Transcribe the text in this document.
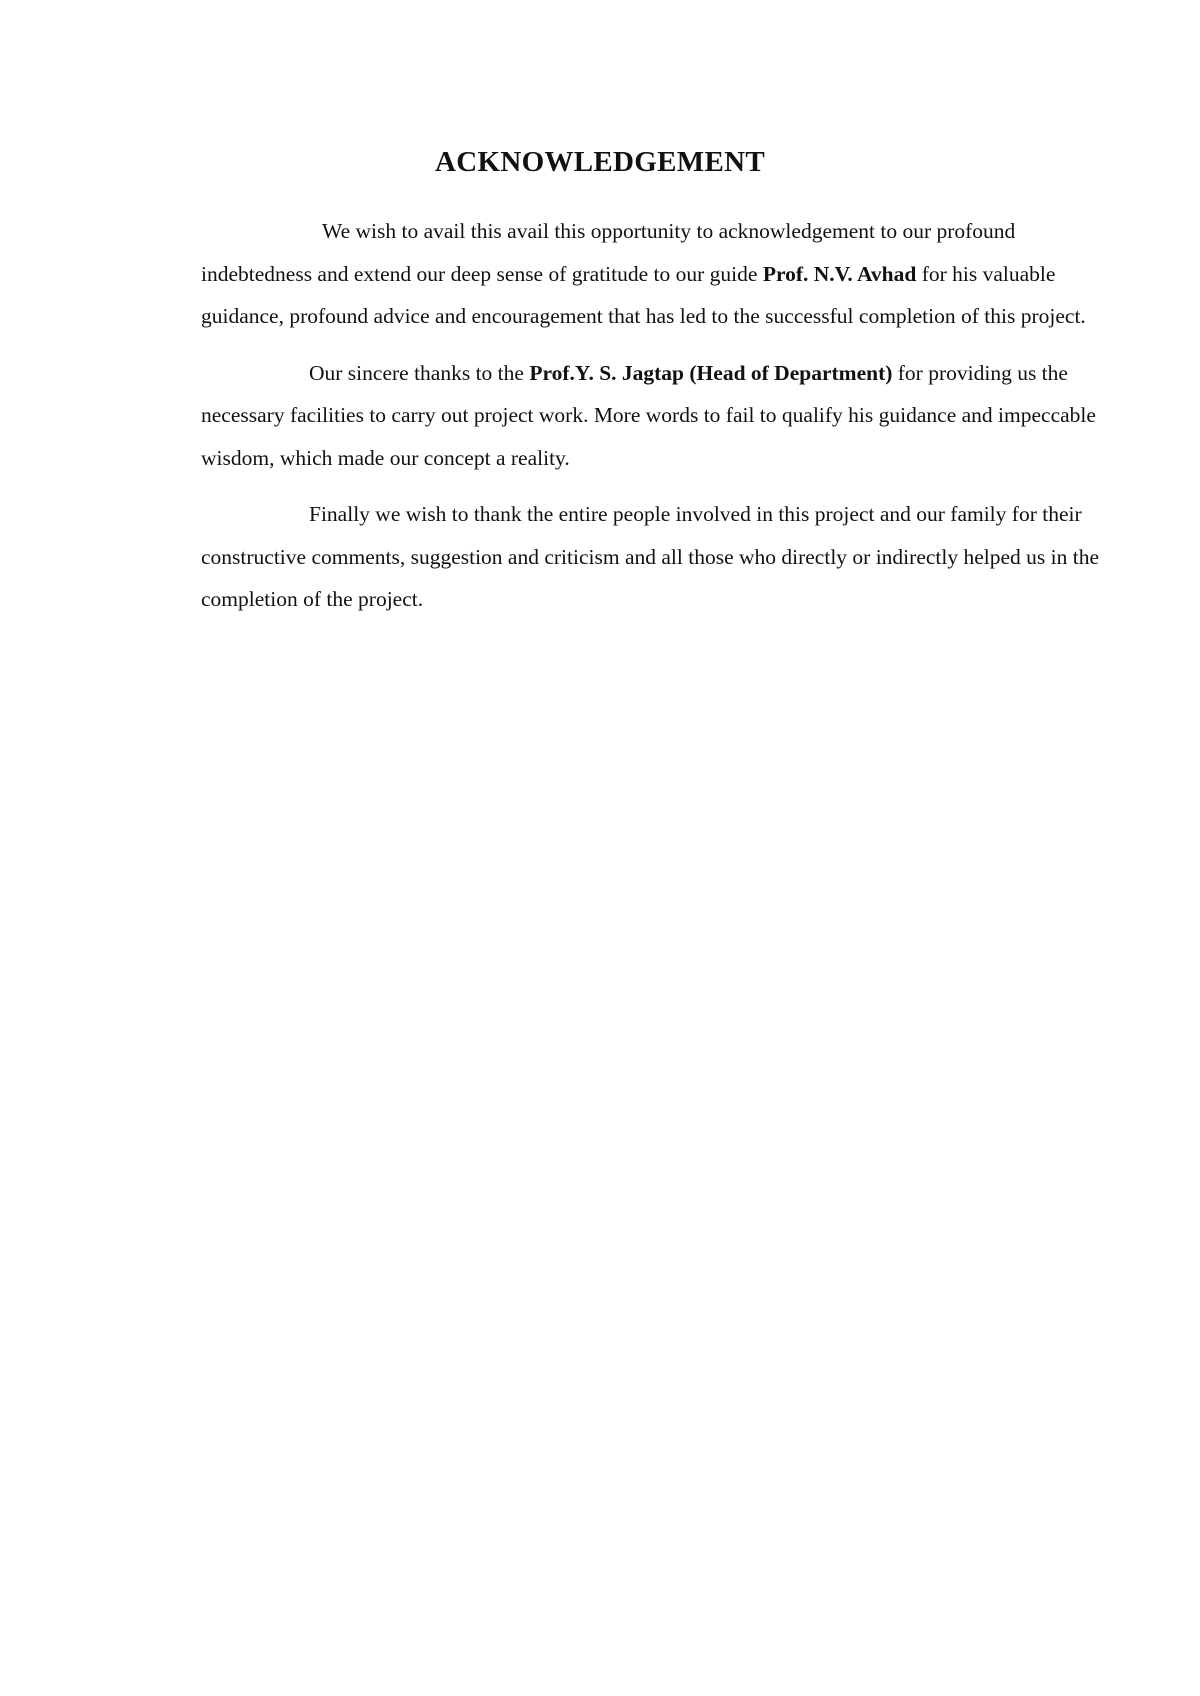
ACKNOWLEDGEMENT

We wish to avail this avail this opportunity to acknowledgement to our profound indebtedness and extend our deep sense of gratitude to our guide Prof. N.V. Avhad for his valuable guidance, profound advice and encouragement that has led to the successful completion of this project.

Our sincere thanks to the Prof.Y. S. Jagtap (Head of Department) for providing us the necessary facilities to carry out project work. More words to fail to qualify his guidance and impeccable wisdom, which made our concept a reality.

Finally we wish to thank the entire people involved in this project and our family for their constructive comments, suggestion and criticism and all those who directly or indirectly helped us in the completion of the project.
